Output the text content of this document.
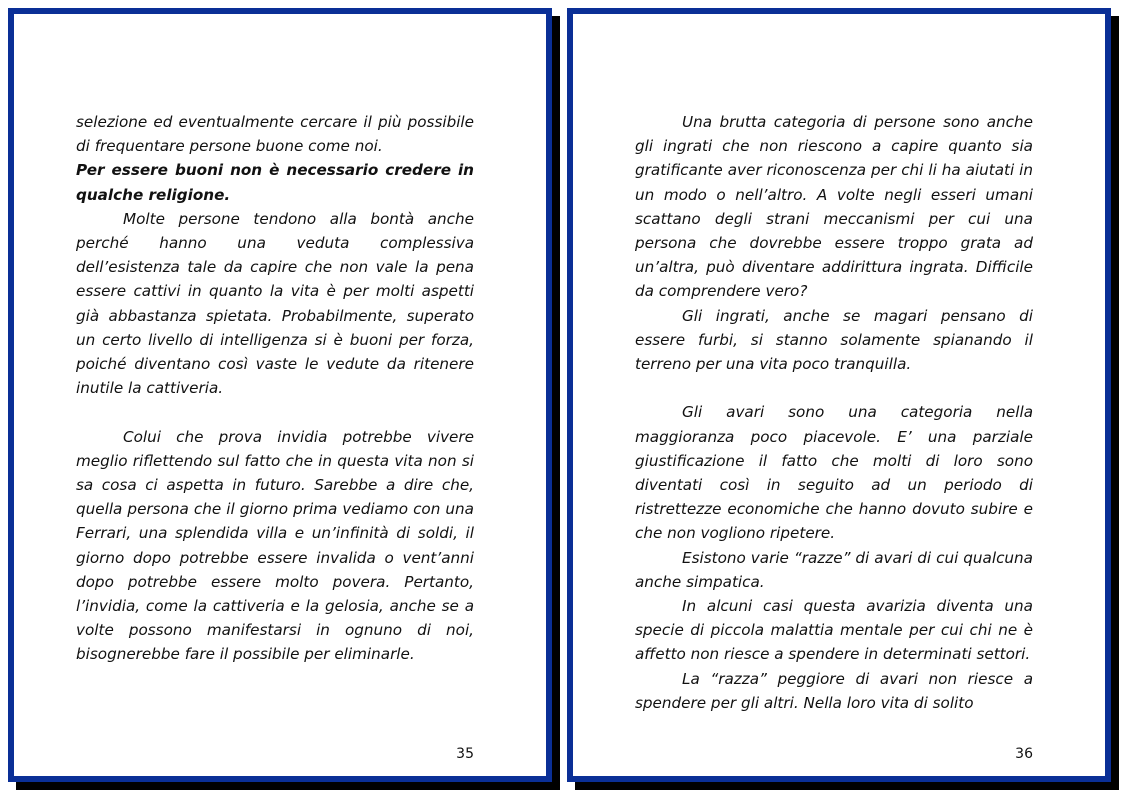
selezione ed eventualmente cercare il più possibile di frequentare persone buone come noi.

Per essere buoni non è necessario credere in qualche religione.

Molte persone tendono alla bontà anche perché hanno una veduta complessiva dell’esistenza tale da capire che non vale la pena essere cattivi in quanto la vita è per molti aspetti già abbastanza spietata. Probabilmente, superato un certo livello di intelligenza si è buoni per forza, poiché diventano così vaste le vedute da ritenere inutile la cattiveria.

Colui che prova invidia potrebbe vivere meglio riflettendo sul fatto che in questa vita non si sa cosa ci aspetta in futuro. Sarebbe a dire che, quella persona che il giorno prima vediamo con una Ferrari, una splendida villa e un’infinità di soldi, il giorno dopo potrebbe essere invalida o vent’anni dopo potrebbe essere molto povera. Pertanto, l’invidia, come la cattiveria e la gelosia, anche se a volte possono manifestarsi in ognuno di noi, bisognerebbe fare il possibile per eliminarle.

35

Una brutta categoria di persone sono anche gli ingrati che non riescono a capire quanto sia gratificante aver riconoscenza per chi li ha aiutati in un modo o nell’altro. A volte negli esseri umani scattano degli strani meccanismi per cui una persona che dovrebbe essere troppo grata ad un’altra, può diventare addirittura ingrata. Difficile da comprendere vero?

Gli ingrati, anche se magari pensano di essere furbi, si stanno solamente spianando il terreno per una vita poco tranquilla.

Gli avari sono una categoria nella maggioranza poco piacevole. E’ una parziale giustificazione il fatto che molti di loro sono diventati così in seguito ad un periodo di ristrettezze economiche che hanno dovuto subire e che non vogliono ripetere.

Esistono varie “razze” di avari di cui qualcuna anche simpatica.

In alcuni casi questa avarizia diventa una specie di piccola malattia mentale per cui chi ne è affetto non riesce a spendere in determinati settori.

La “razza” peggiore di avari non riesce a spendere per gli altri. Nella loro vita di solito

36
